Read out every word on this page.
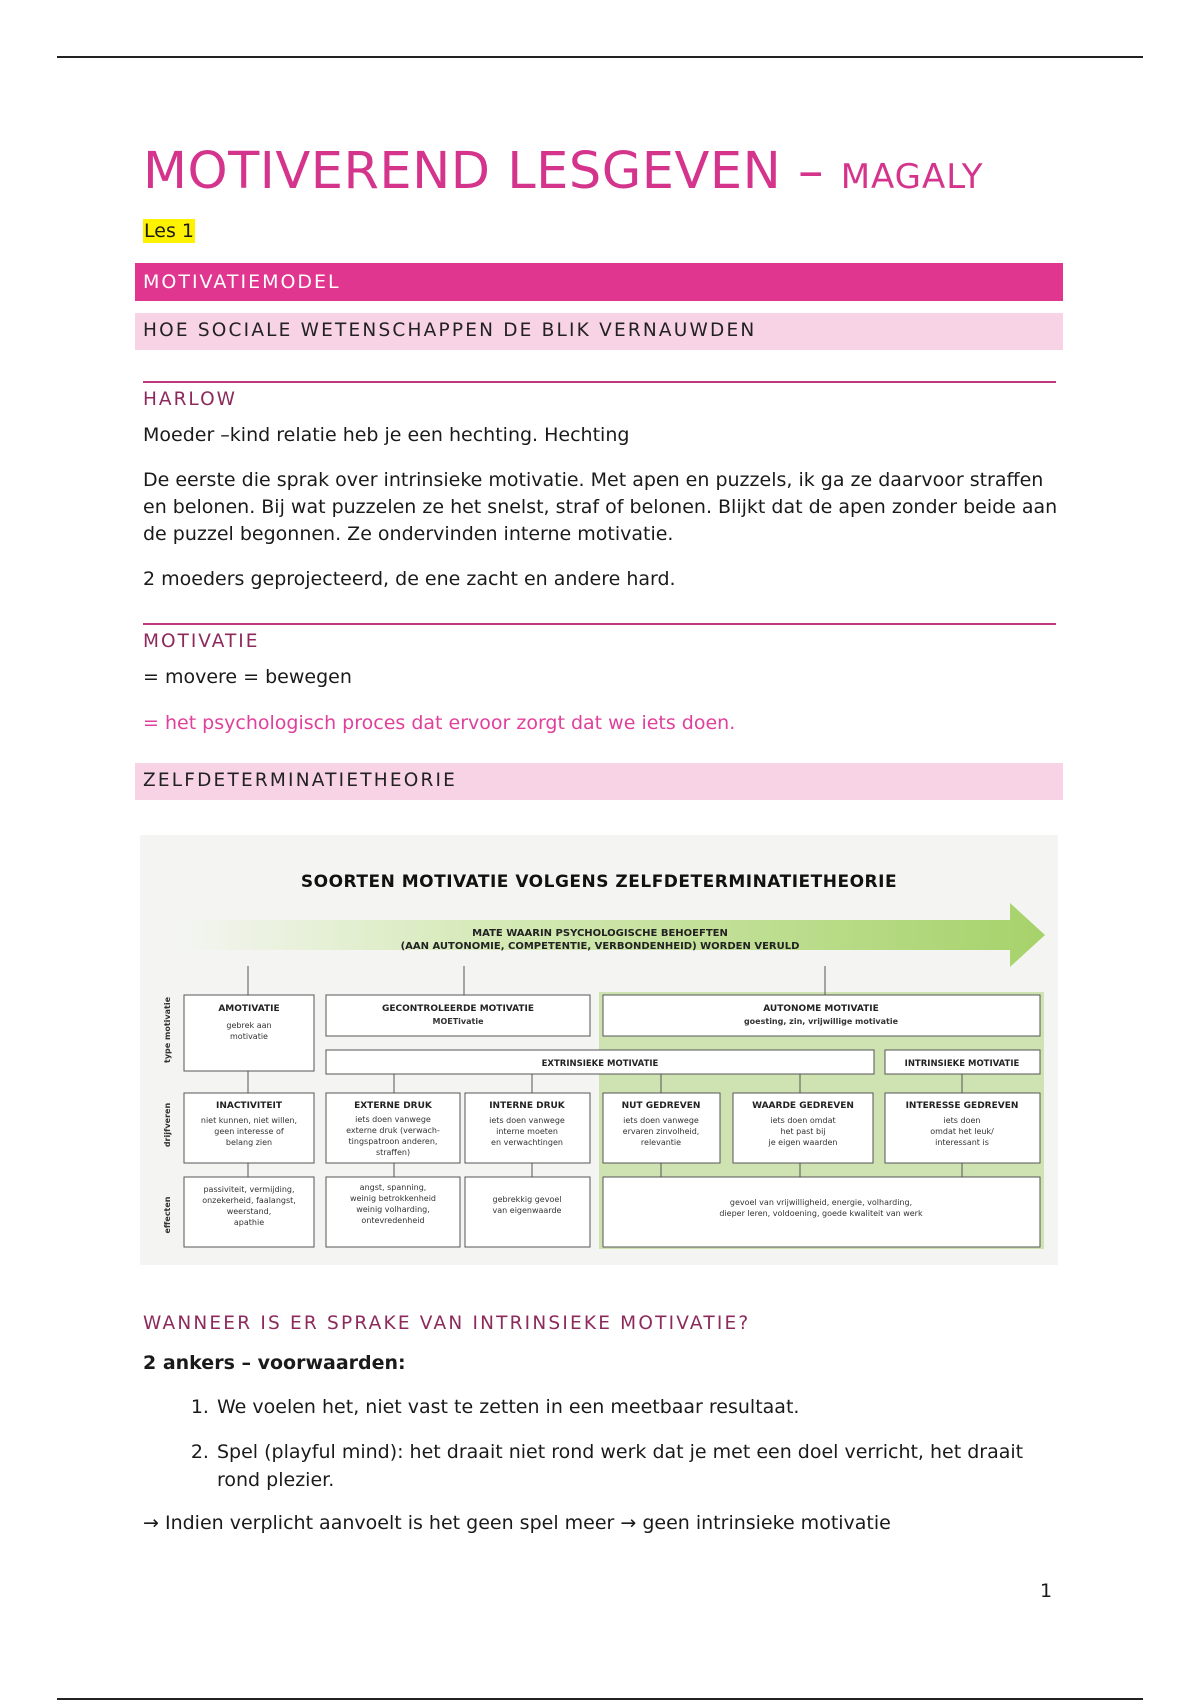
MOTIVEREND LESGEVEN – MAGALY
Les 1
MOTIVATIEMODEL
HOE SOCIALE WETENSCHAPPEN DE BLIK VERNAUWDEN
HARLOW

Moeder –kind relatie heb je een hechting. Hechting

De eerste die sprak over intrinsieke motivatie. Met apen en puzzels, ik ga ze daarvoor straffen en belonen. Bij wat puzzelen ze het snelst, straf of belonen. Blijkt dat de apen zonder beide aan de puzzel begonnen. Ze ondervinden interne motivatie.

2 moeders geprojecteerd, de ene zacht en andere hard.

MOTIVATIE

= movere = bewegen

= het psychologisch proces dat ervoor zorgt dat we iets doen.

ZELFDETERMINATIETHEORIE
SOORTEN MOTIVATIE VOLGENS ZELFDETERMINATIETHEORIE
MATE WAARIN PSYCHOLOGISCHE BEHOEFTEN
(AAN AUTONOMIE, COMPETENTIE, VERBONDENHEID) WORDEN VERULD
type motivatie
drijfveren
effecten
AMOTIVATIE
gebrek aan
motivatie
GECONTROLEERDE MOTIVATIE
MOETivatie
AUTONOME MOTIVATIE
goesting, zin, vrijwillige motivatie
EXTRINSIEKE MOTIVATIE	INTRINSIEKE MOTIVATIE
INACTIVITEIT
niet kunnen, niet willen,
geen interesse of
belang zien
EXTERNE DRUK
iets doen vanwege
externe druk (verwach-
tingspatroon anderen,
straffen)
INTERNE DRUK
iets doen vanwege
interne moeten
en verwachtingen
NUT GEDREVEN
iets doen vanwege
ervaren zinvolheid,
relevantie
WAARDE GEDREVEN
iets doen omdat
het past bij
je eigen waarden
INTERESSE GEDREVEN
iets doen
omdat het leuk/
interessant is
passiviteit, vermijding,
onzekerheid, faalangst,
weerstand,
apathie
angst, spanning,
weinig betrokkenheid
weinig volharding,
ontevredenheid
gebrekkig gevoel
van eigenwaarde
gevoel van vrijwilligheid, energie, volharding,
dieper leren, voldoening, goede kwaliteit van werk
WANNEER IS ER SPRAKE VAN INTRINSIEKE MOTIVATIE?
2 ankers – voorwaarden:
1. We voelen het, niet vast te zetten in een meetbaar resultaat.
2. Spel (playful mind): het draait niet rond werk dat je met een doel verricht, het draait rond plezier.
→ Indien verplicht aanvoelt is het geen spel meer → geen intrinsieke motivatie
1
